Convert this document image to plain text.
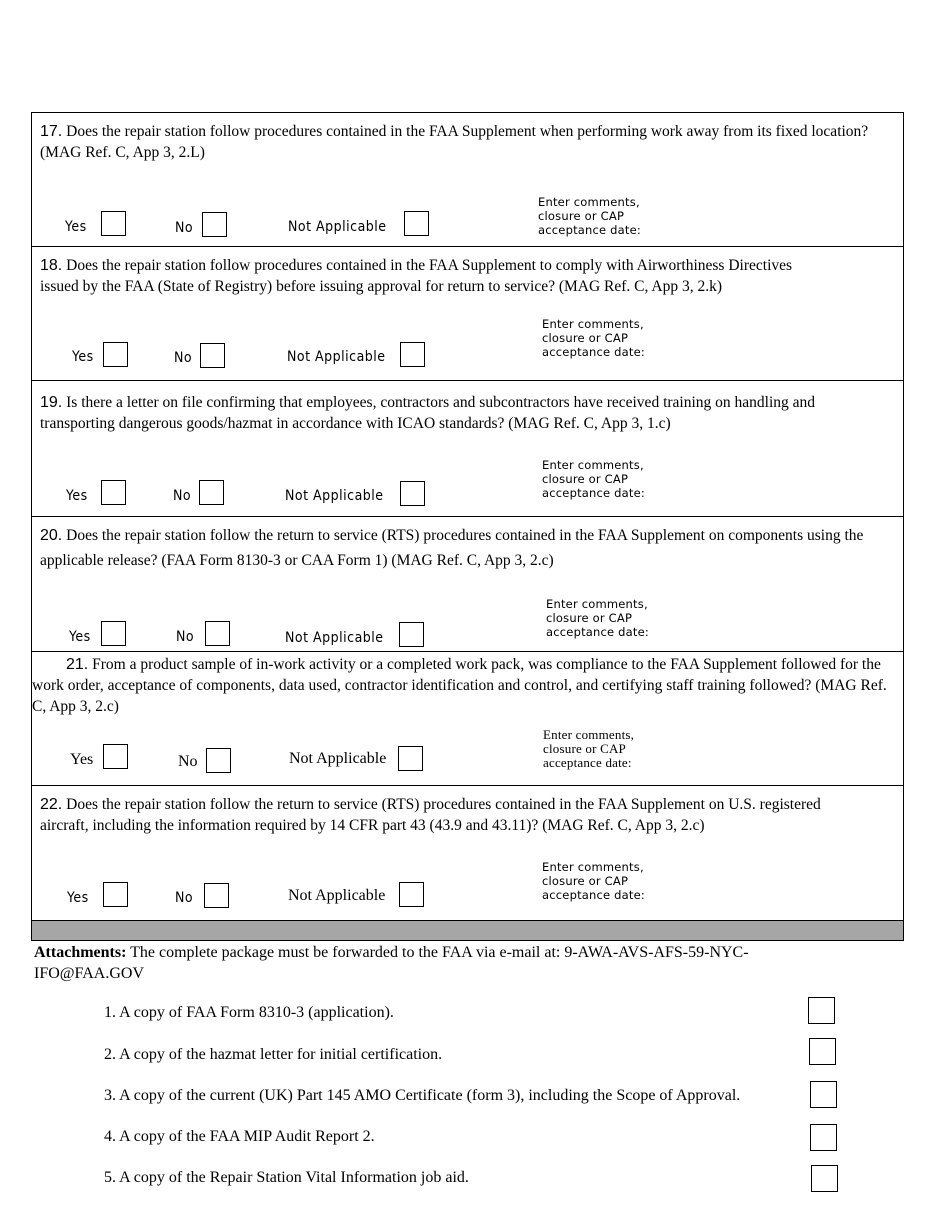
17. Does the repair station follow procedures contained in the FAA Supplement when performing work away from its fixed location? (MAG Ref. C, App 3, 2.L)
Yes	No	Not Applicable
Enter comments,
closure or CAP
acceptance date:
18. Does the repair station follow procedures contained in the FAA Supplement to comply with Airworthiness Directives issued by the FAA (State of Registry) before issuing approval for return to service? (MAG Ref. C, App 3, 2.k)
Yes	No	Not Applicable
Enter comments,
closure or CAP
acceptance date:
19. Is there a letter on file confirming that employees, contractors and subcontractors have received training on handling and transporting dangerous goods/hazmat in accordance with ICAO standards? (MAG Ref. C, App 3, 1.c)
Yes	No	Not Applicable
Enter comments,
closure or CAP
acceptance date:
20. Does the repair station follow the return to service (RTS) procedures contained in the FAA Supplement on components using the applicable release? (FAA Form 8130-3 or CAA Form 1) (MAG Ref. C, App 3, 2.c)
Yes	No	Not Applicable
Enter comments,
closure or CAP
acceptance date:
21. From a product sample of in-work activity or a completed work pack, was compliance to the FAA Supplement followed for the work order, acceptance of components, data used, contractor identification and control, and certifying staff training followed? (MAG Ref. C, App 3, 2.c)
Yes	No	Not Applicable
Enter comments,
closure or CAP
acceptance date:
22. Does the repair station follow the return to service (RTS) procedures contained in the FAA Supplement on U.S. registered aircraft, including the information required by 14 CFR part 43 (43.9 and 43.11)? (MAG Ref. C, App 3, 2.c)
Yes	No	Not Applicable
Enter comments,
closure or CAP
acceptance date:
Attachments: The complete package must be forwarded to the FAA via e-mail at: 9-AWA-AVS-AFS-59-NYC-IFO@FAA.GOV
1. A copy of FAA Form 8310-3 (application).
2. A copy of the hazmat letter for initial certification.
3. A copy of the current (UK) Part 145 AMO Certificate (form 3), including the Scope of Approval.
4. A copy of the FAA MIP Audit Report 2.
5. A copy of the Repair Station Vital Information job aid.
